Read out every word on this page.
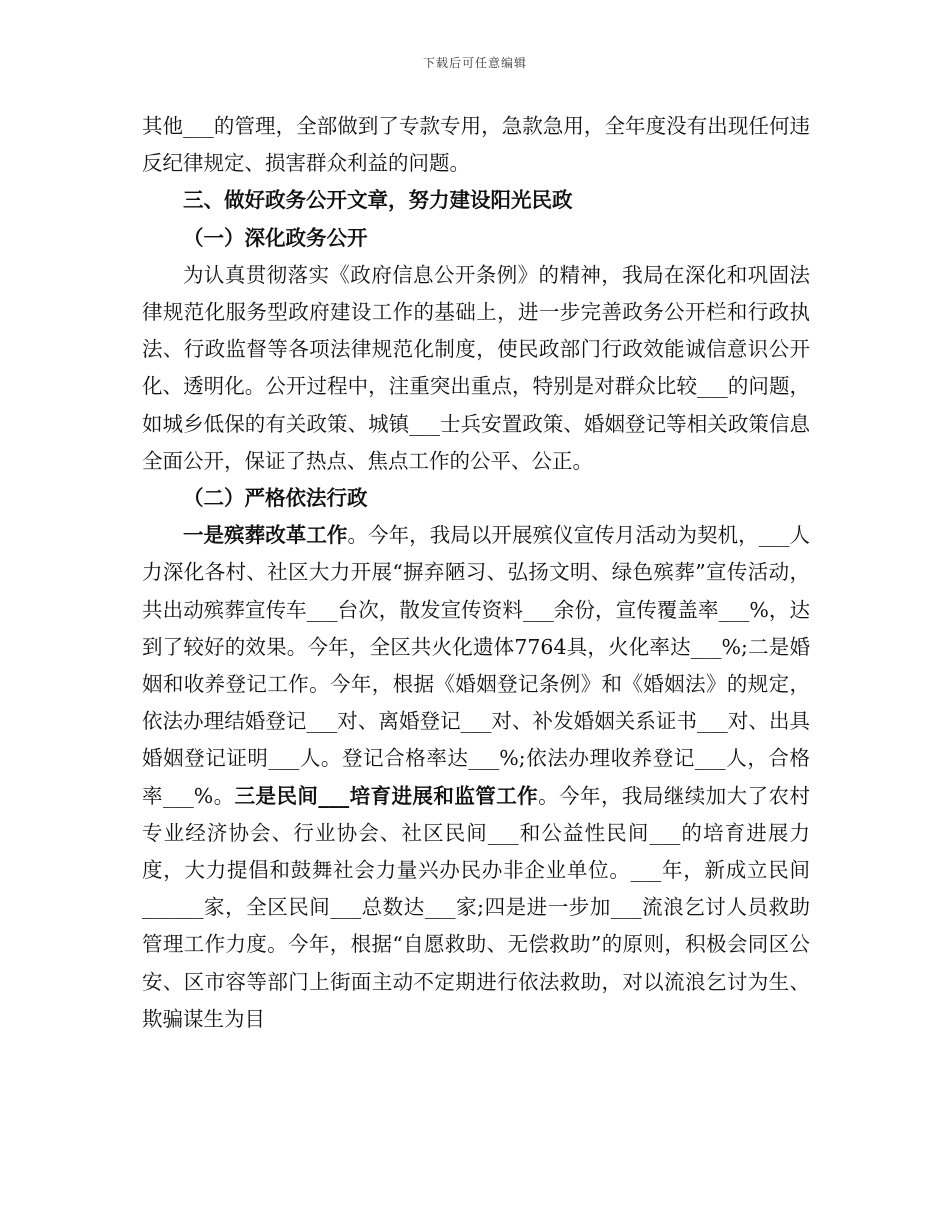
下载后可任意编辑

其他___的管理，全部做到了专款专用，急款急用，全年度没有出现任何违反纪律规定、损害群众利益的问题。

三、做好政务公开文章，努力建设阳光民政

（一）深化政务公开

为认真贯彻落实《政府信息公开条例》的精神，我局在深化和巩固法律规范化服务型政府建设工作的基础上，进一步完善政务公开栏和行政执法、行政监督等各项法律规范化制度，使民政部门行政效能诚信意识公开化、透明化。公开过程中，注重突出重点，特别是对群众比较___的问题，如城乡低保的有关政策、城镇___士兵安置政策、婚姻登记等相关政策信息全面公开，保证了热点、焦点工作的公平、公正。

（二）严格依法行政

一是殡葬改革工作。今年，我局以开展殡仪宣传月活动为契机，___人力深化各村、社区大力开展“摒弃陋习、弘扬文明、绿色殡葬”宣传活动，共出动殡葬宣传车___台次，散发宣传资料___余份，宣传覆盖率___%，达到了较好的效果。今年，全区共火化遗体7764具，火化率达___%;二是婚姻和收养登记工作。今年，根据《婚姻登记条例》和《婚姻法》的规定，依法办理结婚登记___对、离婚登记___对、补发婚姻关系证书___对、出具婚姻登记证明___人。登记合格率达___%;依法办理收养登记___人，合格率___%。三是民间___培育进展和监管工作。今年，我局继续加大了农村专业经济协会、行业协会、社区民间___和公益性民间___的培育进展力度，大力提倡和鼓舞社会力量兴办民办非企业单位。___年，新成立民间______家，全区民间___总数达___家;四是进一步加___流浪乞讨人员救助管理工作力度。今年，根据“自愿救助、无偿救助”的原则，积极会同区公安、区市容等部门上街面主动不定期进行依法救助，对以流浪乞讨为生、欺骗谋生为目
